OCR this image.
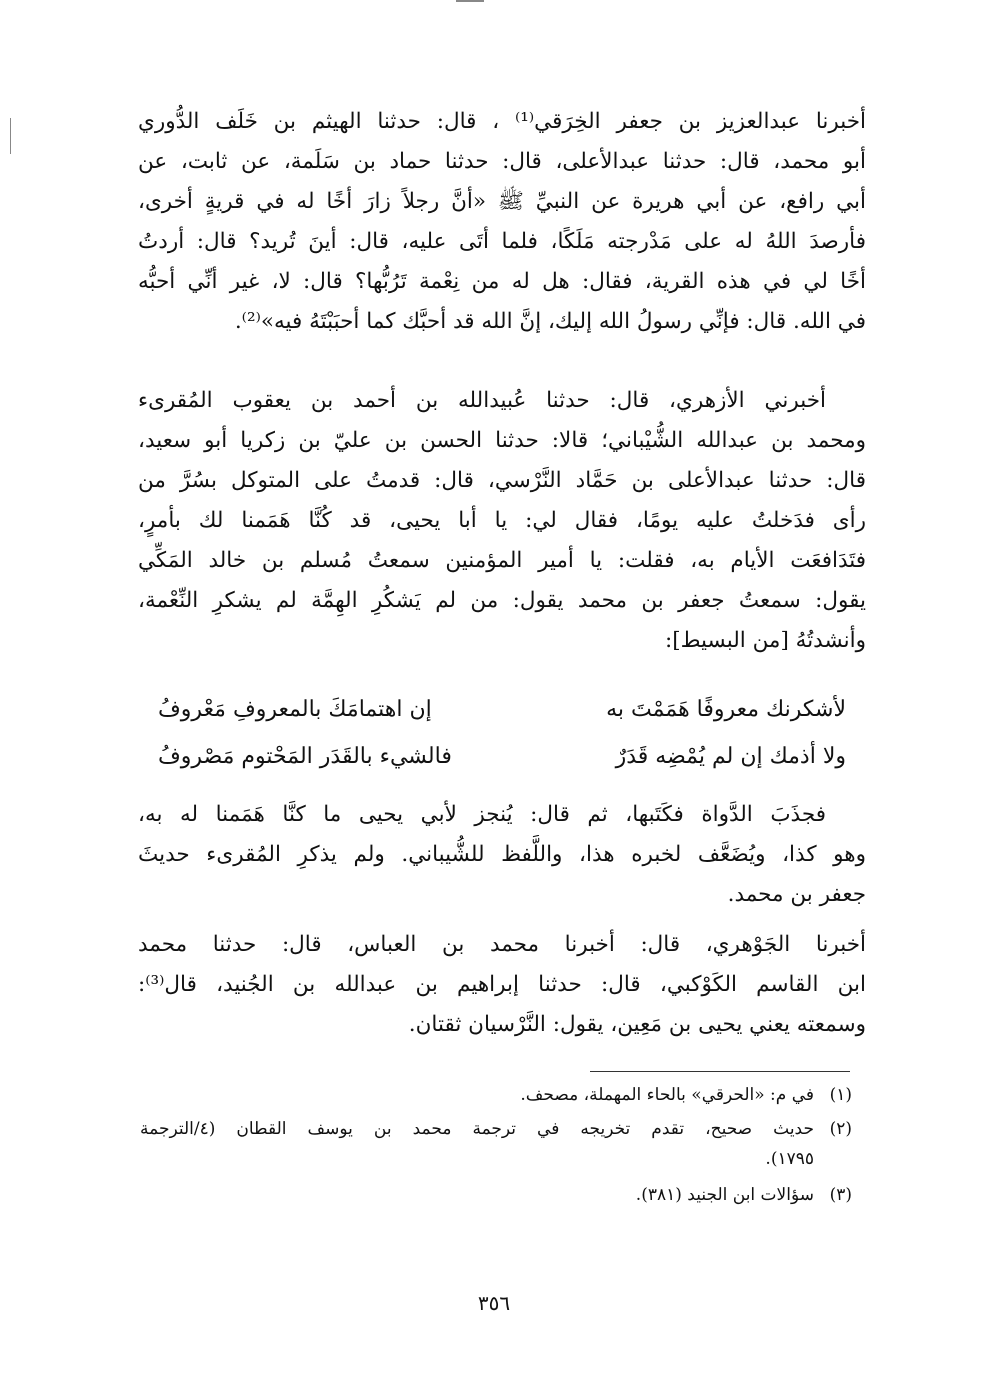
أخبرنا عبدالعزيز بن جعفر الخِرَقي⁽¹⁾ ، قال: حدثنا الهيثم بن خَلَف الدُّوري
أبو محمد، قال: حدثنا عبدالأعلى، قال: حدثنا حماد بن سَلَمة، عن ثابت، عن
أبي رافع، عن أبي هريرة عن النبيِّ ﷺ «أنَّ رجلاً زارَ أخًا له في قريةٍ أخرى،
فأرصدَ اللهُ له على مَدْرجته مَلَكًا، فلما أتَى عليه، قال: أينَ تُريد؟ قال: أردتُ
أخًا لي في هذه القرية، فقال: هل له من نِعْمة تَرُبُّها؟ قال: لا، غير أنِّي أحبُّه
في الله. قال: فإنِّي رسولُ الله إليك، إنَّ الله قد أحبَّك كما أحبَبْتَهُ فيه»⁽²⁾.
أخبرني الأزهري، قال: حدثنا عُبيدالله بن أحمد بن يعقوب المُقرىء
ومحمد بن عبدالله الشُّيْباني؛ قالا: حدثنا الحسن بن عليّ بن زكريا أبو سعيد،
قال: حدثنا عبدالأعلى بن حَمَّاد النَّرْسي، قال: قدمتُ على المتوكل بسُرَّ من
رأى فدَخلتُ عليه يومًا، فقال لي: يا أبا يحيى، قد كُنَّا هَمَمنا لك بأمرٍ،
فتَدَافعَت الأيام به، فقلت: يا أمير المؤمنين سمعتُ مُسلم بن خالد المَكِّي
يقول: سمعتُ جعفر بن محمد يقول: من لم يَشكُرِ الهِمَّة لم يشكرِ النِّعْمة،
وأنشدتُهُ [من البسيط]:
لأشكرنك معروفًا هَمَمْتَ به
إن اهتمامَكَ بالمعروفِ مَعْروفُ
ولا أذمك إن لم يُمْضِه قَدَرٌ
فالشيء بالقَدَر المَحْتوم مَصْروفُ
فجذَبَ الدَّواة فكَتَبها، ثم قال: يُنجز لأبي يحيى ما كنَّا هَمَمنا له به،
وهو كذا، ويُضَعَّف لخبره هذا، واللَّفظ للشُّيباني. ولم يذكرِ المُقرىء حديثَ
جعفر بن محمد.
أخبرنا الجَوْهري، قال: أخبرنا محمد بن العباس، قال: حدثنا محمد
ابن القاسم الكَوْكبي، قال: حدثنا إبراهيم بن عبدالله بن الجُنيد، قال⁽³⁾:
وسمعته يعني يحيى بن مَعِين، يقول: النَّرْسيان ثقتان.
(١)
في م: «الحرقي» بالحاء المهملة، مصحف.
(٢)
حديث صحيح، تقدم تخريجه في ترجمة محمد بن يوسف القطان (٤/الترجمة
١٧٩٥).
(٣)
سؤالات ابن الجنيد (٣٨١).
٣٥٦
